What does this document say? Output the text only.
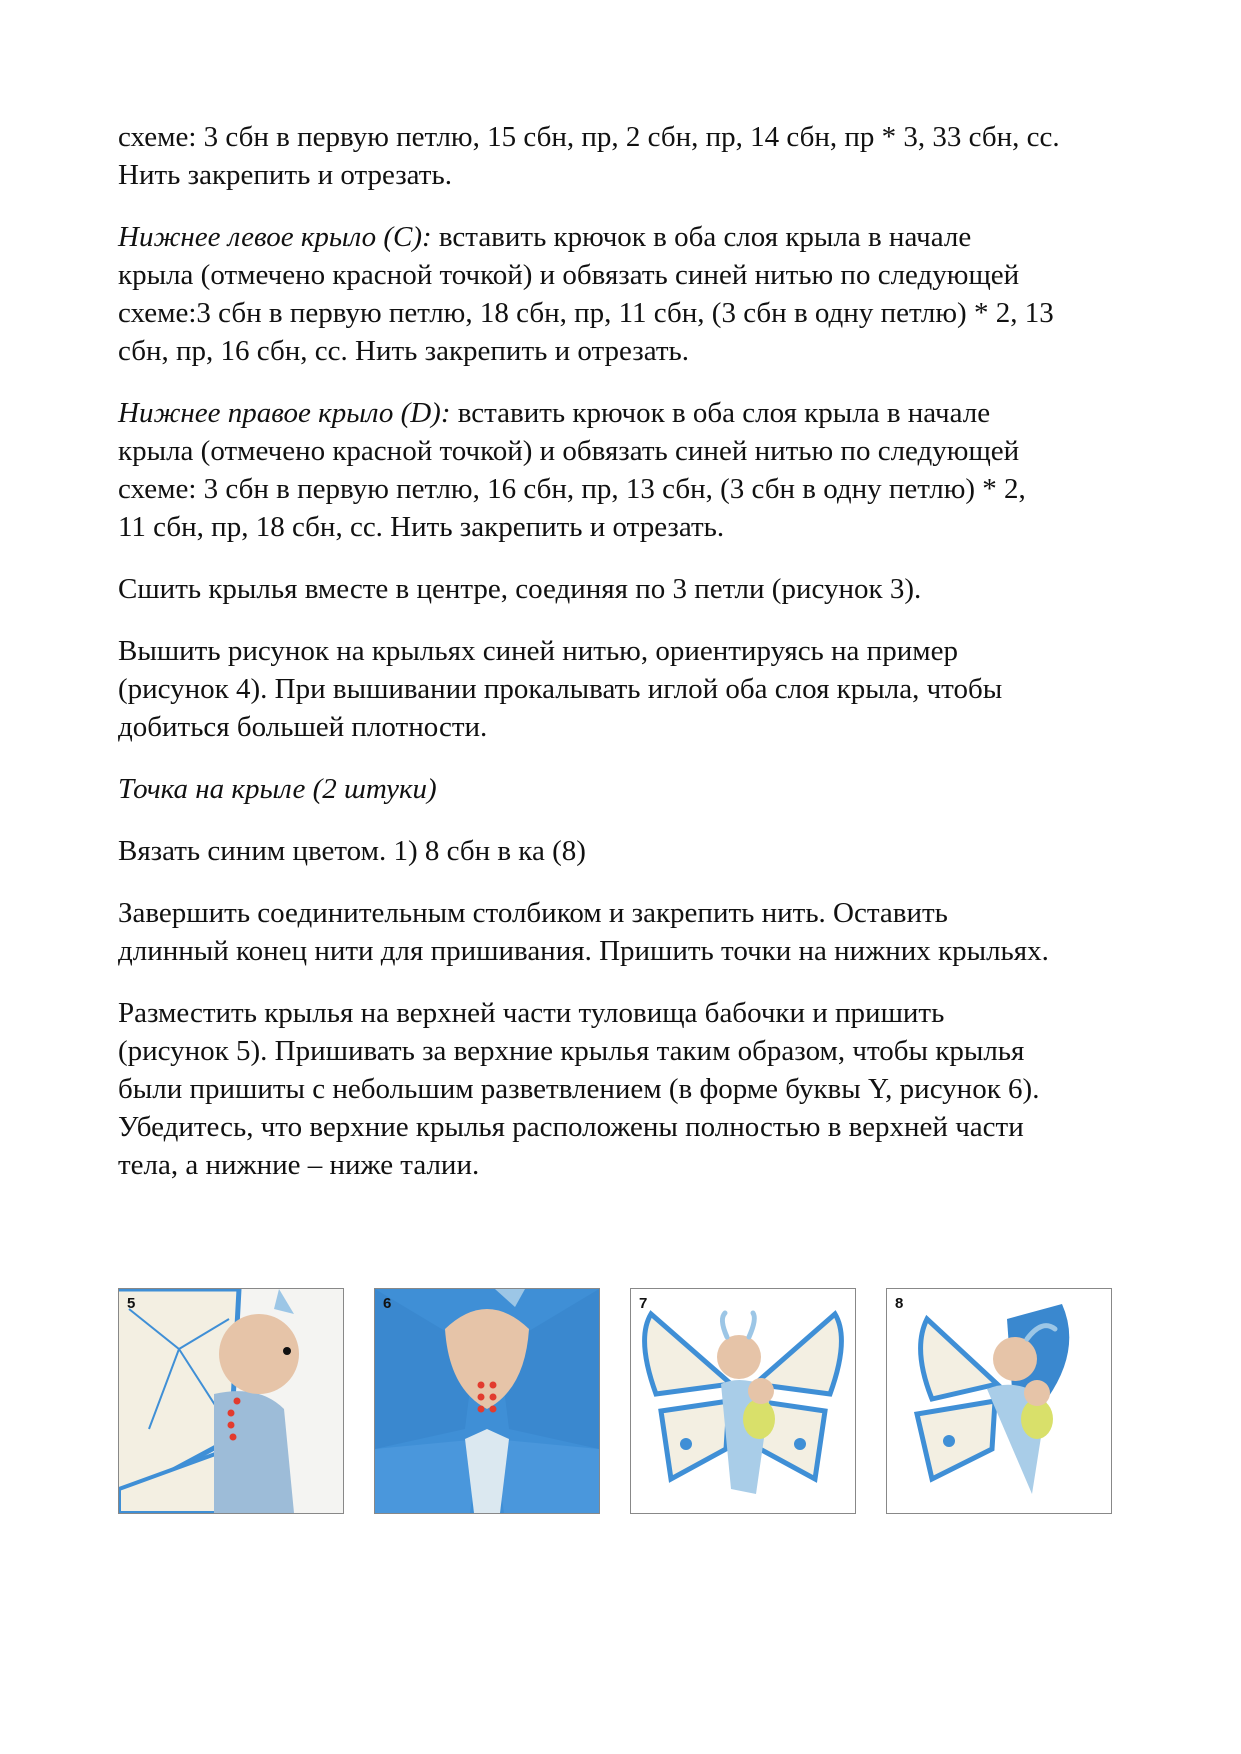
схеме: 3 сбн в первую петлю, 15 сбн, пр, 2 сбн, пр, 14 сбн, пр * 3, 33 сбн, сс.
Нить закрепить и отрезать.

Нижнее левое крыло (C): вставить крючок в оба слоя крыла в начале
крыла (отмечено красной точкой) и обвязать синей нитью по следующей
схеме:3 сбн в первую петлю, 18 сбн, пр, 11 сбн, (3 сбн в одну петлю) * 2, 13
сбн, пр, 16 сбн, сс. Нить закрепить и отрезать.

Нижнее правое крыло (D): вставить крючок в оба слоя крыла в начале
крыла (отмечено красной точкой) и обвязать синей нитью по следующей
схеме: 3 сбн в первую петлю, 16 сбн, пр, 13 сбн, (3 сбн в одну петлю) * 2,
11 сбн, пр, 18 сбн, сс. Нить закрепить и отрезать.

Сшить крылья вместе в центре, соединяя по 3 петли (рисунок 3).

Вышить рисунок на крыльях синей нитью, ориентируясь на пример
(рисунок 4). При вышивании прокалывать иглой оба слоя крыла, чтобы
добиться большей плотности.

Точка на крыле (2 штуки)

Вязать синим цветом. 1) 8 сбн в ка (8)

Завершить соединительным столбиком и закрепить нить. Оставить
длинный конец нити для пришивания. Пришить точки на нижних крыльях.

Разместить крылья на верхней части туловища бабочки и пришить
(рисунок 5). Пришивать за верхние крылья таким образом, чтобы крылья
были пришиты с небольшим разветвлением (в форме буквы Y, рисунок 6).
Убедитесь, что верхние крылья расположены полностью в верхней части
тела, а нижние – ниже талии.

5	6	7	8
